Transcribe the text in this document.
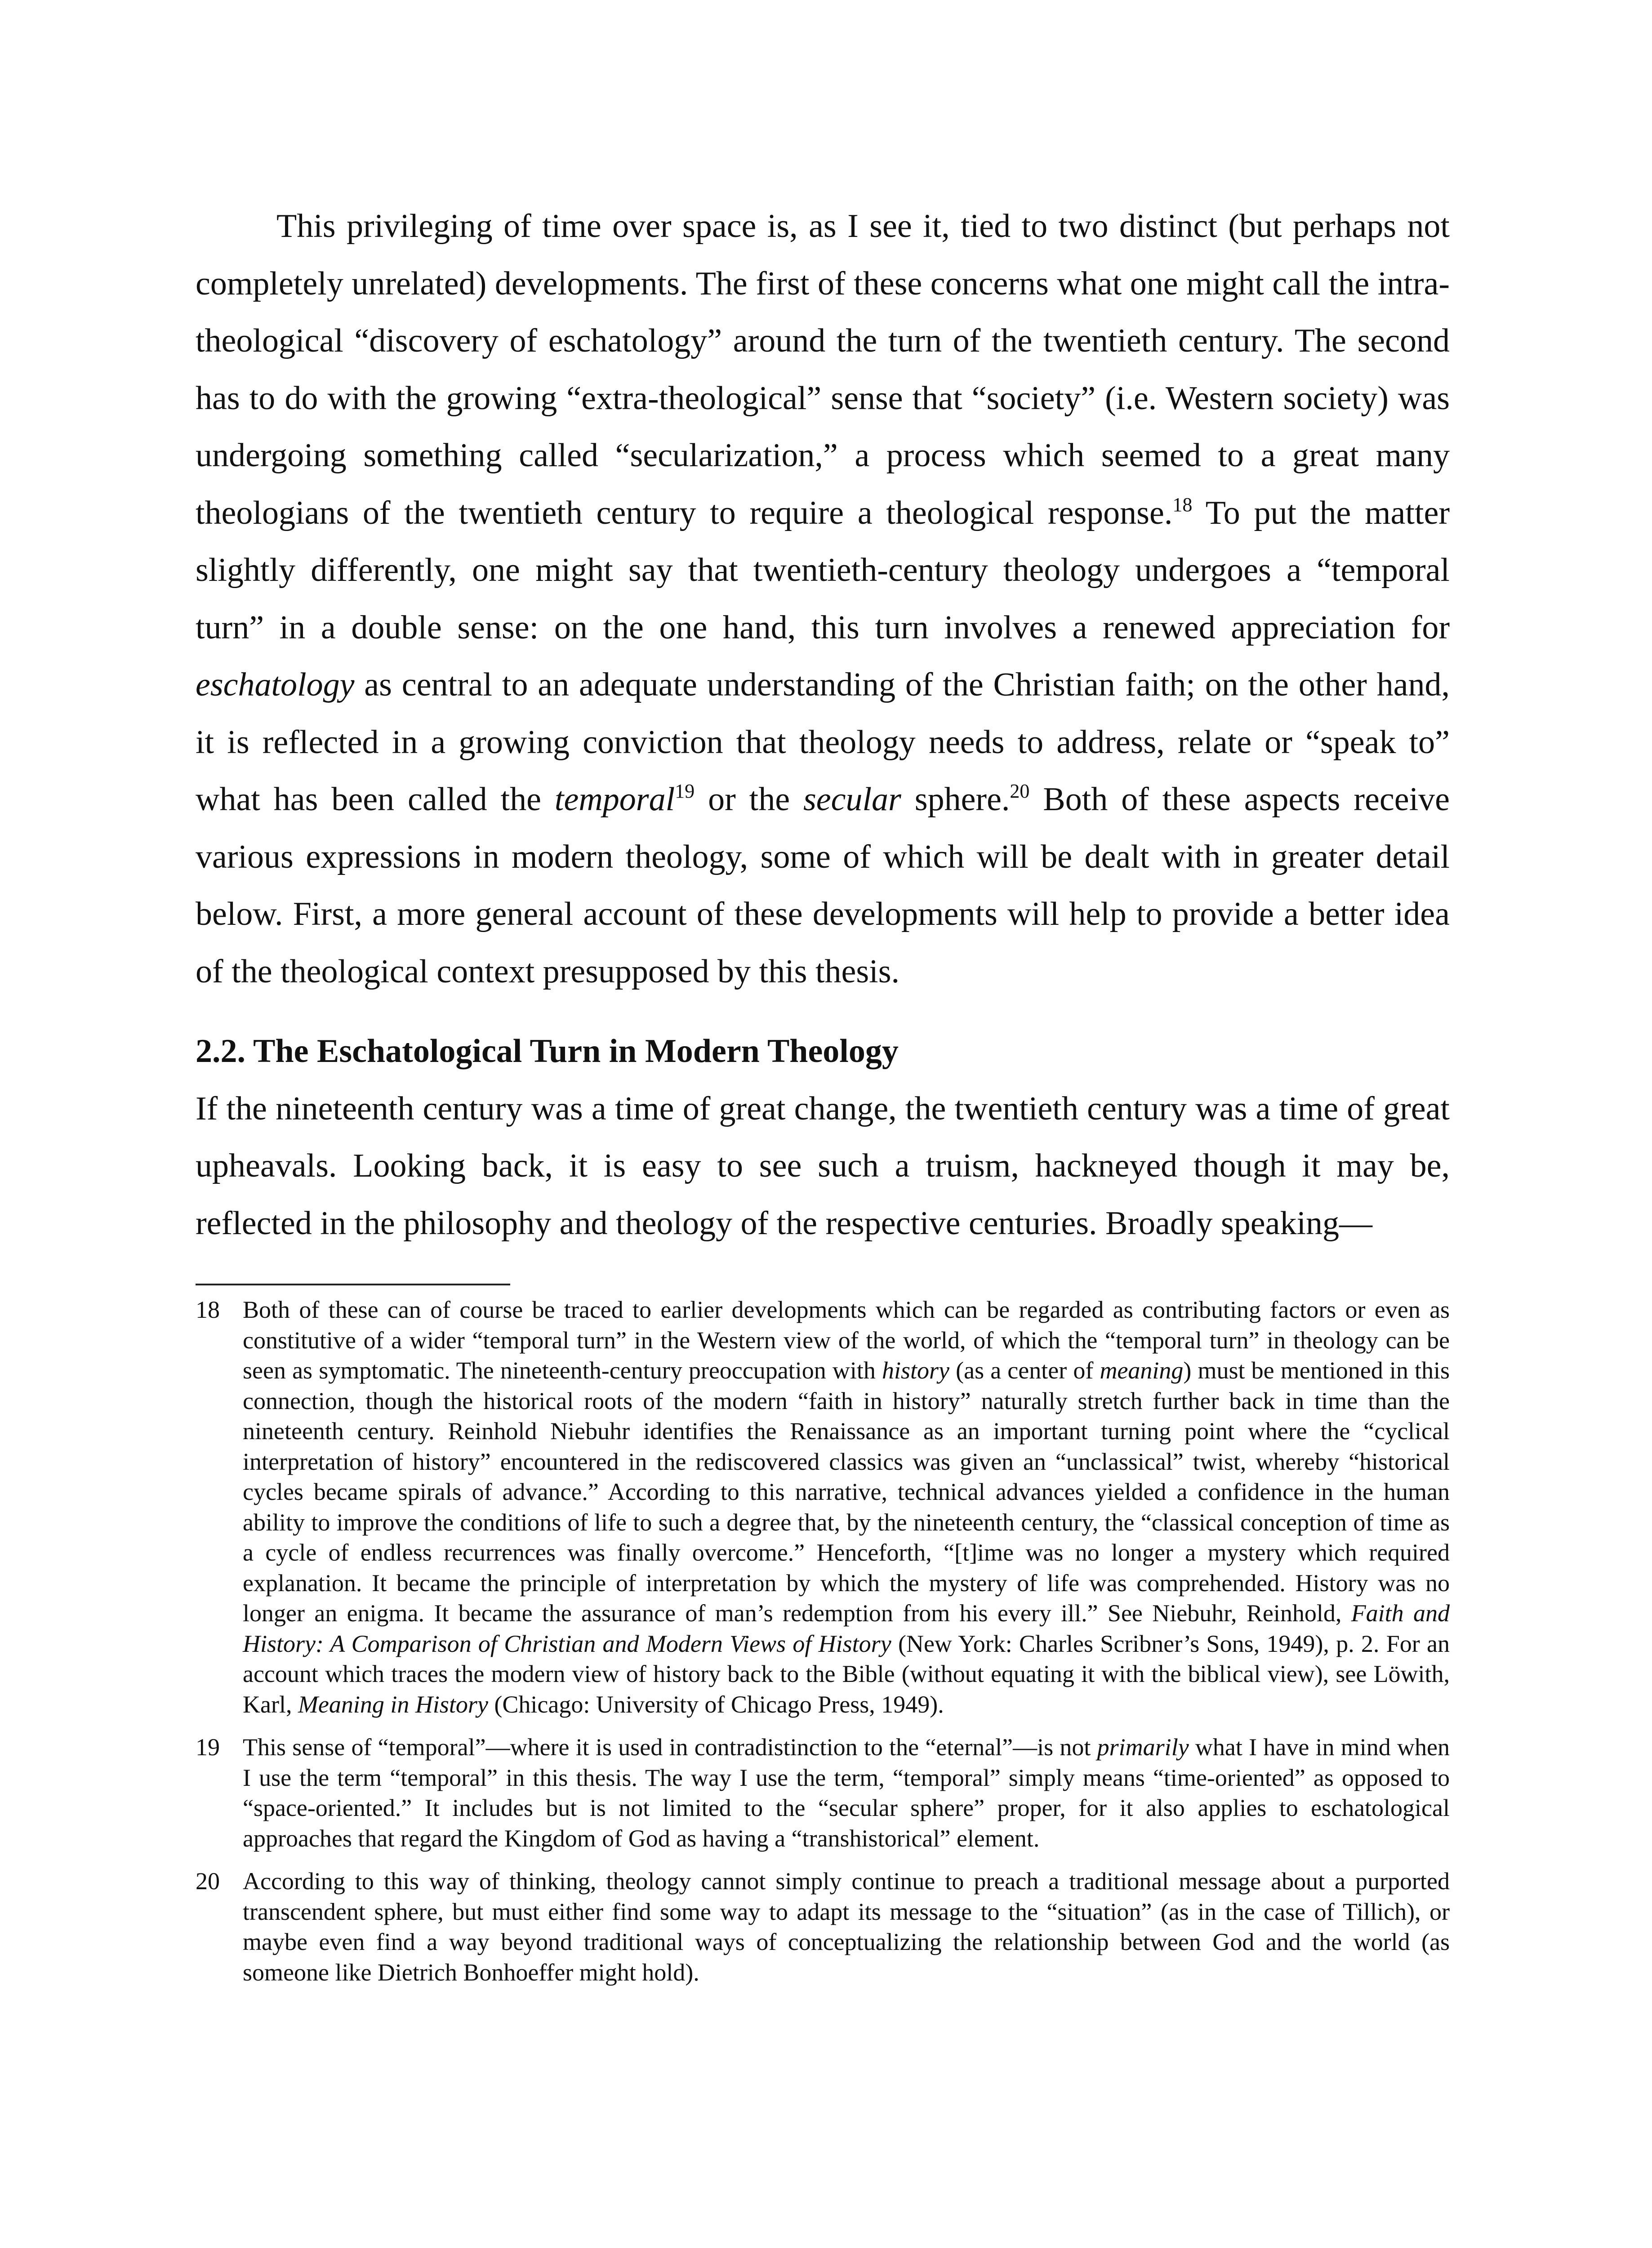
This privileging of time over space is, as I see it, tied to two distinct (but perhaps not completely unrelated) developments. The first of these concerns what one might call the intra-theological “discovery of eschatology” around the turn of the twentieth century. The second has to do with the growing “extra-theological” sense that “society” (i.e. Western society) was undergoing something called “secularization,” a process which seemed to a great many theologians of the twentieth century to require a theological response.$^{18}$ To put the matter slightly differently, one might say that twentieth-century theology undergoes a “temporal turn” in a double sense: on the one hand, this turn involves a renewed appreciation for eschatology as central to an adequate understanding of the Christian faith; on the other hand, it is reflected in a growing conviction that theology needs to address, relate or “speak to” what has been called the temporal$^{19}$ or the secular sphere.$^{20}$ Both of these aspects receive various expressions in modern theology, some of which will be dealt with in greater detail below. First, a more general account of these developments will help to provide a better idea of the theological context presupposed by this thesis.

2.2. The Eschatological Turn in Modern Theology

If the nineteenth century was a time of great change, the twentieth century was a time of great upheavals. Looking back, it is easy to see such a truism, hackneyed though it may be, reflected in the philosophy and theology of the respective centuries. Broadly speaking—

18 Both of these can of course be traced to earlier developments which can be regarded as contributing factors or even as constitutive of a wider “temporal turn” in the Western view of the world, of which the “temporal turn” in theology can be seen as symptomatic. The nineteenth-century preoccupation with history (as a center of meaning) must be mentioned in this connection, though the historical roots of the modern “faith in history” naturally stretch further back in time than the nineteenth century. Reinhold Niebuhr identifies the Renaissance as an important turning point where the “cyclical interpretation of history” encountered in the rediscovered classics was given an “unclassical” twist, whereby “historical cycles became spirals of advance.” According to this narrative, technical advances yielded a confidence in the human ability to improve the conditions of life to such a degree that, by the nineteenth century, the “classical conception of time as a cycle of endless recurrences was finally overcome.” Henceforth, “[t]ime was no longer a mystery which required explanation. It became the principle of interpretation by which the mystery of life was comprehended. History was no longer an enigma. It became the assurance of man’s redemption from his every ill.” See Niebuhr, Reinhold, Faith and History: A Comparison of Christian and Modern Views of History (New York: Charles Scribner’s Sons, 1949), p. 2. For an account which traces the modern view of history back to the Bible (without equating it with the biblical view), see Löwith, Karl, Meaning in History (Chicago: University of Chicago Press, 1949).
19 This sense of “temporal”—where it is used in contradistinction to the “eternal”—is not primarily what I have in mind when I use the term “temporal” in this thesis. The way I use the term, “temporal” simply means “time-oriented” as opposed to “space-oriented.” It includes but is not limited to the “secular sphere” proper, for it also applies to eschatological approaches that regard the Kingdom of God as having a “transhistorical” element.
20 According to this way of thinking, theology cannot simply continue to preach a traditional message about a purported transcendent sphere, but must either find some way to adapt its message to the “situation” (as in the case of Tillich), or maybe even find a way beyond traditional ways of conceptualizing the relationship between God and the world (as someone like Dietrich Bonhoeffer might hold).
